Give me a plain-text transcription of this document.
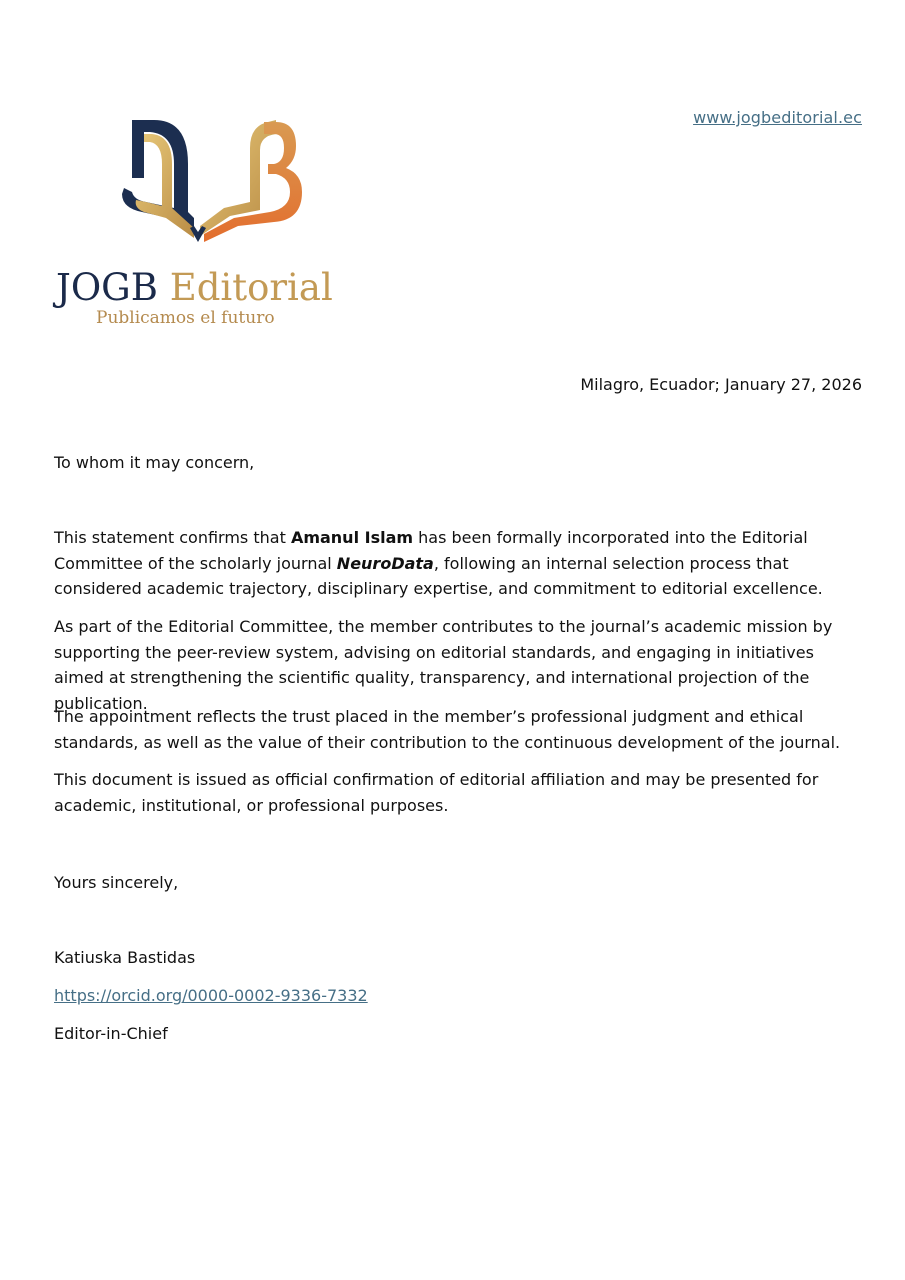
www.jogbeditorial.ec
JOGB Editorial
Publicamos el futuro
Milagro, Ecuador; January 27, 2026

To whom it may concern,

This statement confirms that Amanul Islam has been formally incorporated into the Editorial Committee of the scholarly journal NeuroData, following an internal selection process that considered academic trajectory, disciplinary expertise, and commitment to editorial excellence.

As part of the Editorial Committee, the member contributes to the journal’s academic mission by supporting the peer-review system, advising on editorial standards, and engaging in initiatives aimed at strengthening the scientific quality, transparency, and international projection of the publication.

The appointment reflects the trust placed in the member’s professional judgment and ethical standards, as well as the value of their contribution to the continuous development of the journal.

This document is issued as official confirmation of editorial affiliation and may be presented for academic, institutional, or professional purposes.

Yours sincerely,

Katiuska Bastidas

https://orcid.org/0000-0002-9336-7332

Editor-in-Chief
